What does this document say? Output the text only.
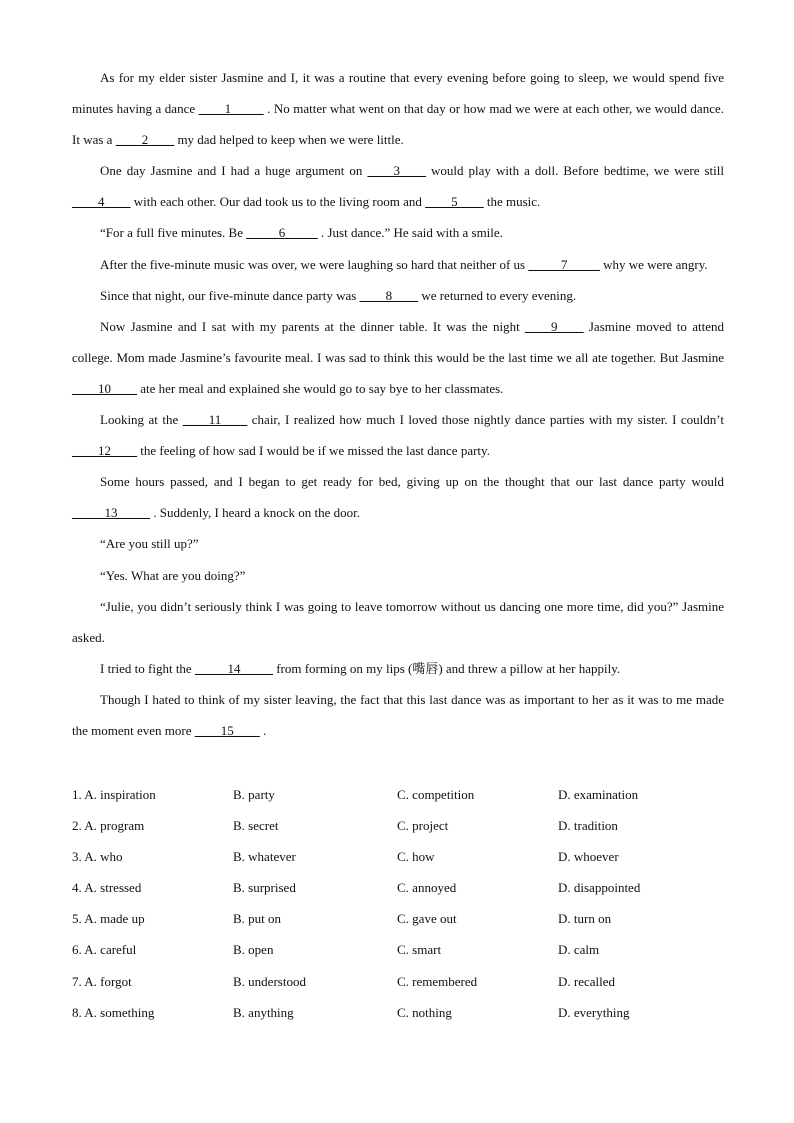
As for my elder sister Jasmine and I, it was a routine that every evening before going to sleep, we would spend five minutes having a dance ____1_____ . No matter what went on that day or how mad we were at each other, we would dance. It was a ____2____ my dad helped to keep when we were little.

One day Jasmine and I had a huge argument on ____3____ would play with a doll. Before bedtime, we were still ____4____ with each other. Our dad took us to the living room and ____5____ the music.

“For a full five minutes. Be _____6_____ . Just dance.” He said with a smile.

After the five-minute music was over, we were laughing so hard that neither of us _____7_____ why we were angry.

Since that night, our five-minute dance party was ____8____ we returned to every evening.

Now Jasmine and I sat with my parents at the dinner table. It was the night ____9____ Jasmine moved to attend college. Mom made Jasmine’s favourite meal. I was sad to think this would be the last time we all ate together. But Jasmine ____10____ ate her meal and explained she would go to say bye to her classmates.

Looking at the ____11____ chair, I realized how much I loved those nightly dance parties with my sister. I couldn’t ____12____ the feeling of how sad I would be if we missed the last dance party.

Some hours passed, and I began to get ready for bed, giving up on the thought that our last dance party would _____13_____ . Suddenly, I heard a knock on the door.

“Are you still up?”

“Yes. What are you doing?”

“Julie, you didn’t seriously think I was going to leave tomorrow without us dancing one more time, did you?” Jasmine asked.

I tried to fight the _____14_____ from forming on my lips (嘴唇) and threw a pillow at her happily.

Though I hated to think of my sister leaving, the fact that this last dance was as important to her as it was to me made the moment even more ____15____ .

1. A. inspiration	B. party	C. competition	D. examination
2. A. program	B. secret	C. project	D. tradition
3. A. who	B. whatever	C. how	D. whoever
4. A. stressed	B. surprised	C. annoyed	D. disappointed
5. A. made up	B. put on	C. gave out	D. turn on
6. A. careful	B. open	C. smart	D. calm
7. A. forgot	B. understood	C. remembered	D. recalled
8. A. something	B. anything	C. nothing	D. everything
